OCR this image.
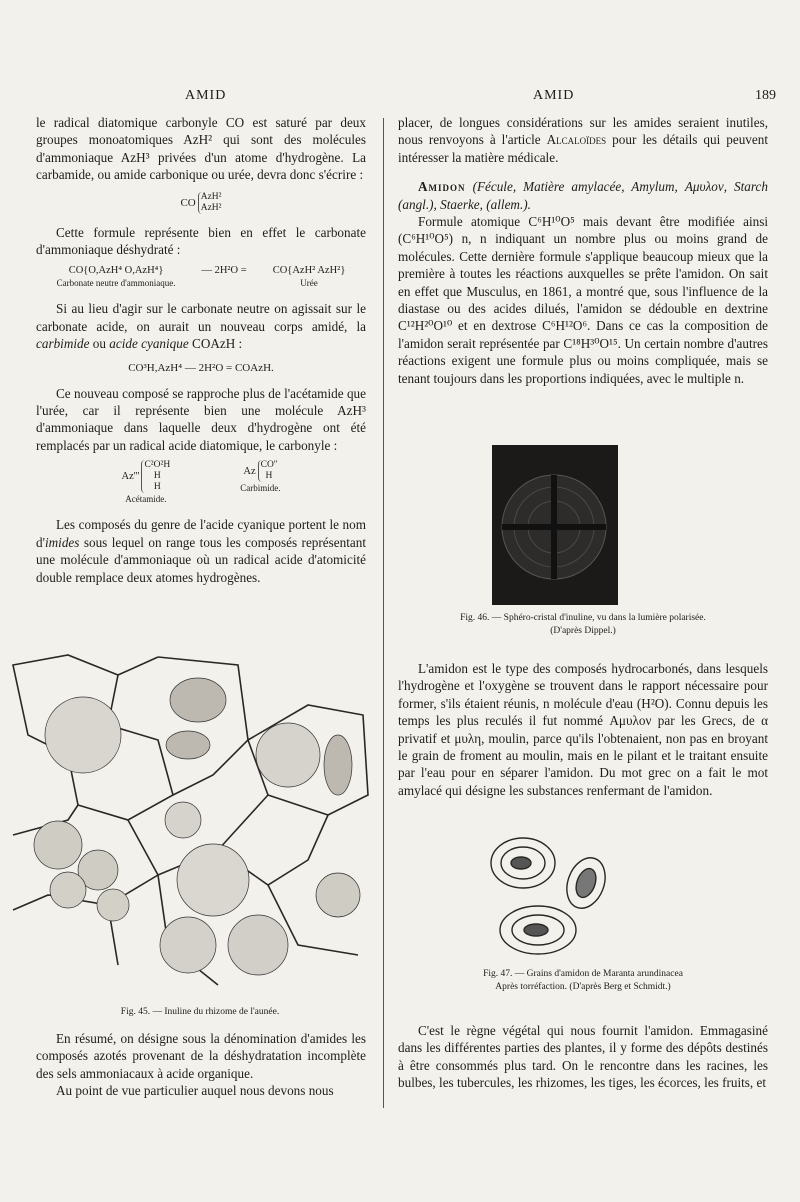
AMID	AMID	189

le radical diatomique carbonyle CO est saturé par deux groupes monoatomiques AzH² qui sont des molécules d'ammoniaque AzH³ privées d'un atome d'hydrogène. La carbamide, ou amide carbonique ou urée, devra donc s'écrire :

CO AzH²
AzH²

Cette formule représente bien en effet le carbonate d'ammoniaque déshydraté :

CO{O,AzH⁴ O,AzH⁴}
Carbonate neutre d'ammoniaque.
— 2H²O = CO{AzH² AzH²}
Urée

Si au lieu d'agir sur le carbonate neutre on agissait sur le carbonate acide, on aurait un nouveau corps amidé, la carbimide ou acide cyanique COAzH :

CO³H,AzH⁴ — 2H²O = COAzH.

Ce nouveau composé se rapproche plus de l'acétamide que l'urée, car il représente bien une molécule AzH³ d'ammoniaque dans laquelle deux d'hydrogène ont été remplacés par un radical acide diatomique, le carbonyle :

Az'''
C²O²H
H
H
Acétamide.
Az
CO''
H
Carbimide.

Les composés du genre de l'acide cyanique portent le nom d'imides sous lequel on range tous les composés représentant une molécule d'ammoniaque où un radical acide d'atomicité double remplace deux atomes hydrogènes.

Fig. 45. — Inuline du rhizome de l'aunée.

En résumé, on désigne sous la dénomination d'amides les composés azotés provenant de la déshydratation incomplète des sels ammoniacaux à acide organique.

Au point de vue particulier auquel nous devons nous

placer, de longues considérations sur les amides seraient inutiles, nous renvoyons à l'article Alcaloïdes pour les détails qui peuvent intéresser la matière médicale.

Amidon (Fécule, Matière amylacée, Amylum, Αμυλον, Starch (angl.), Staerke, (allem.).

Formule atomique C⁶H¹⁰O⁵ mais devant être modifiée ainsi (C⁶H¹⁰O⁵) n, n indiquant un nombre plus ou moins grand de molécules. Cette dernière formule s'applique beaucoup mieux que la première à toutes les réactions auxquelles se prête l'amidon. On sait en effet que Musculus, en 1861, a montré que, sous l'influence de la diastase ou des acides dilués, l'amidon se dédouble en dextrine C¹²H²⁰O¹⁰ et en dextrose C⁶H¹²O⁶. Dans ce cas la composition de l'amidon serait représentée par C¹⁸H³⁰O¹⁵. Un certain nombre d'autres réactions exigent une formule plus ou moins compliquée, mais se tenant toujours dans les proportions indiquées, avec le multiple n.

Fig. 46. — Sphéro-cristal d'inuline, vu dans la lumière polarisée.
(D'après Dippel.)

L'amidon est le type des composés hydrocarbonés, dans lesquels l'hydrogène et l'oxygène se trouvent dans le rapport nécessaire pour former, s'ils étaient réunis, n molécule d'eau (H²O). Connu depuis les temps les plus reculés il fut nommé Αμυλον par les Grecs, de α privatif et μυλη, moulin, parce qu'ils l'obtenaient, non pas en broyant le grain de froment au moulin, mais en le pilant et le traitant ensuite par l'eau pour en séparer l'amidon. Du mot grec on a fait le mot amylacé qui désigne les substances renfermant de l'amidon.

Fig. 47. — Grains d'amidon de Maranta arundinacea
Après torréfaction. (D'après Berg et Schmidt.)

C'est le règne végétal qui nous fournit l'amidon. Emmagasiné dans les différentes parties des plantes, il y forme des dépôts destinés à être consommés plus tard. On le rencontre dans les racines, les bulbes, les tubercules, les rhizomes, les tiges, les écorces, les fruits, et
